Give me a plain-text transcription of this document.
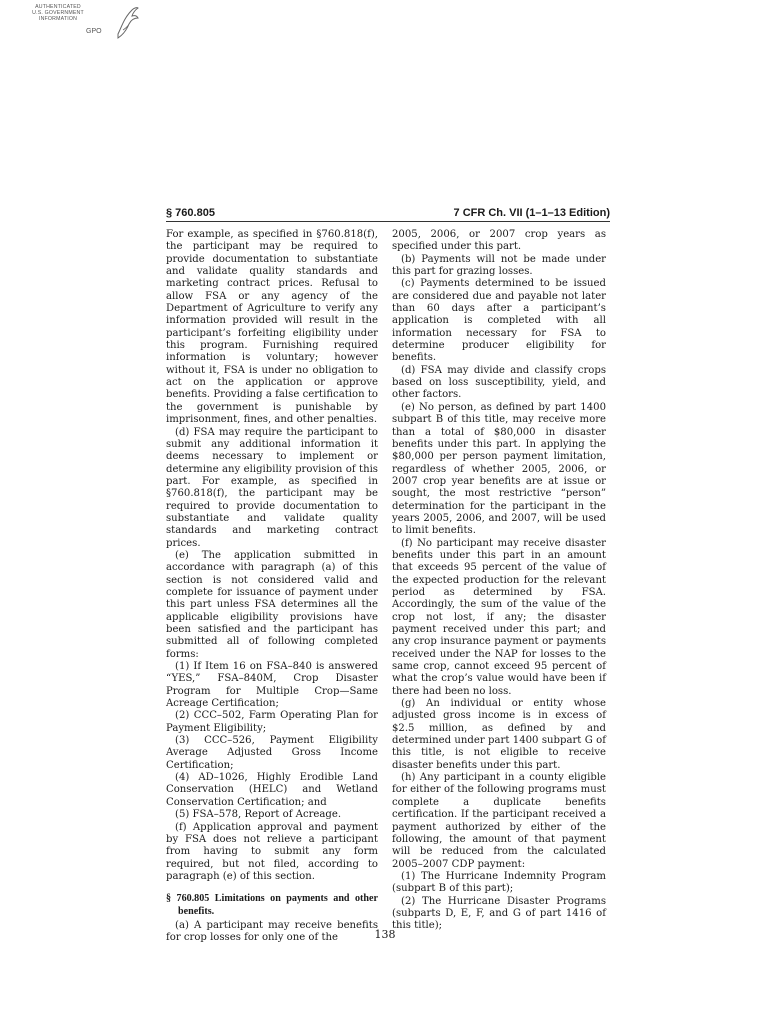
AUTHENTICATED
U.S. GOVERNMENT
INFORMATION
GPO
§ 760.805	7 CFR Ch. VII (1–1–13 Edition)

For example, as specified in §760.818(f), the participant may be required to provide documentation to substantiate and validate quality standards and marketing contract prices. Refusal to allow FSA or any agency of the Department of Agriculture to verify any information provided will result in the participant’s forfeiting eligibility under this program. Furnishing required information is voluntary; however without it, FSA is under no obligation to act on the application or approve benefits. Providing a false certification to the government is punishable by imprisonment, fines, and other penalties.

(d) FSA may require the participant to submit any additional information it deems necessary to implement or determine any eligibility provision of this part. For example, as specified in §760.818(f), the participant may be required to provide documentation to substantiate and validate quality standards and marketing contract prices.

(e) The application submitted in accordance with paragraph (a) of this section is not considered valid and complete for issuance of payment under this part unless FSA determines all the applicable eligibility provisions have been satisfied and the participant has submitted all of following completed forms:

(1) If Item 16 on FSA–840 is answered “YES,” FSA–840M, Crop Disaster Program for Multiple Crop—Same Acreage Certification;

(2) CCC–502, Farm Operating Plan for Payment Eligibility;

(3) CCC–526, Payment Eligibility Average Adjusted Gross Income Certification;

(4) AD–1026, Highly Erodible Land Conservation (HELC) and Wetland Conservation Certification; and

(5) FSA–578, Report of Acreage.

(f) Application approval and payment by FSA does not relieve a participant from having to submit any form required, but not filed, according to paragraph (e) of this section.

§ 760.805 Limitations on payments and other benefits.

(a) A participant may receive benefits for crop losses for only one of the

2005, 2006, or 2007 crop years as specified under this part.

(b) Payments will not be made under this part for grazing losses.

(c) Payments determined to be issued are considered due and payable not later than 60 days after a participant’s application is completed with all information necessary for FSA to determine producer eligibility for benefits.

(d) FSA may divide and classify crops based on loss susceptibility, yield, and other factors.

(e) No person, as defined by part 1400 subpart B of this title, may receive more than a total of $80,000 in disaster benefits under this part. In applying the $80,000 per person payment limitation, regardless of whether 2005, 2006, or 2007 crop year benefits are at issue or sought, the most restrictive “person” determination for the participant in the years 2005, 2006, and 2007, will be used to limit benefits.

(f) No participant may receive disaster benefits under this part in an amount that exceeds 95 percent of the value of the expected production for the relevant period as determined by FSA. Accordingly, the sum of the value of the crop not lost, if any; the disaster payment received under this part; and any crop insurance payment or payments received under the NAP for losses to the same crop, cannot exceed 95 percent of what the crop’s value would have been if there had been no loss.

(g) An individual or entity whose adjusted gross income is in excess of $2.5 million, as defined by and determined under part 1400 subpart G of this title, is not eligible to receive disaster benefits under this part.

(h) Any participant in a county eligible for either of the following programs must complete a duplicate benefits certification. If the participant received a payment authorized by either of the following, the amount of that payment will be reduced from the calculated 2005–2007 CDP payment:

(1) The Hurricane Indemnity Program (subpart B of this part);

(2) The Hurricane Disaster Programs (subparts D, E, F, and G of part 1416 of this title);

138
